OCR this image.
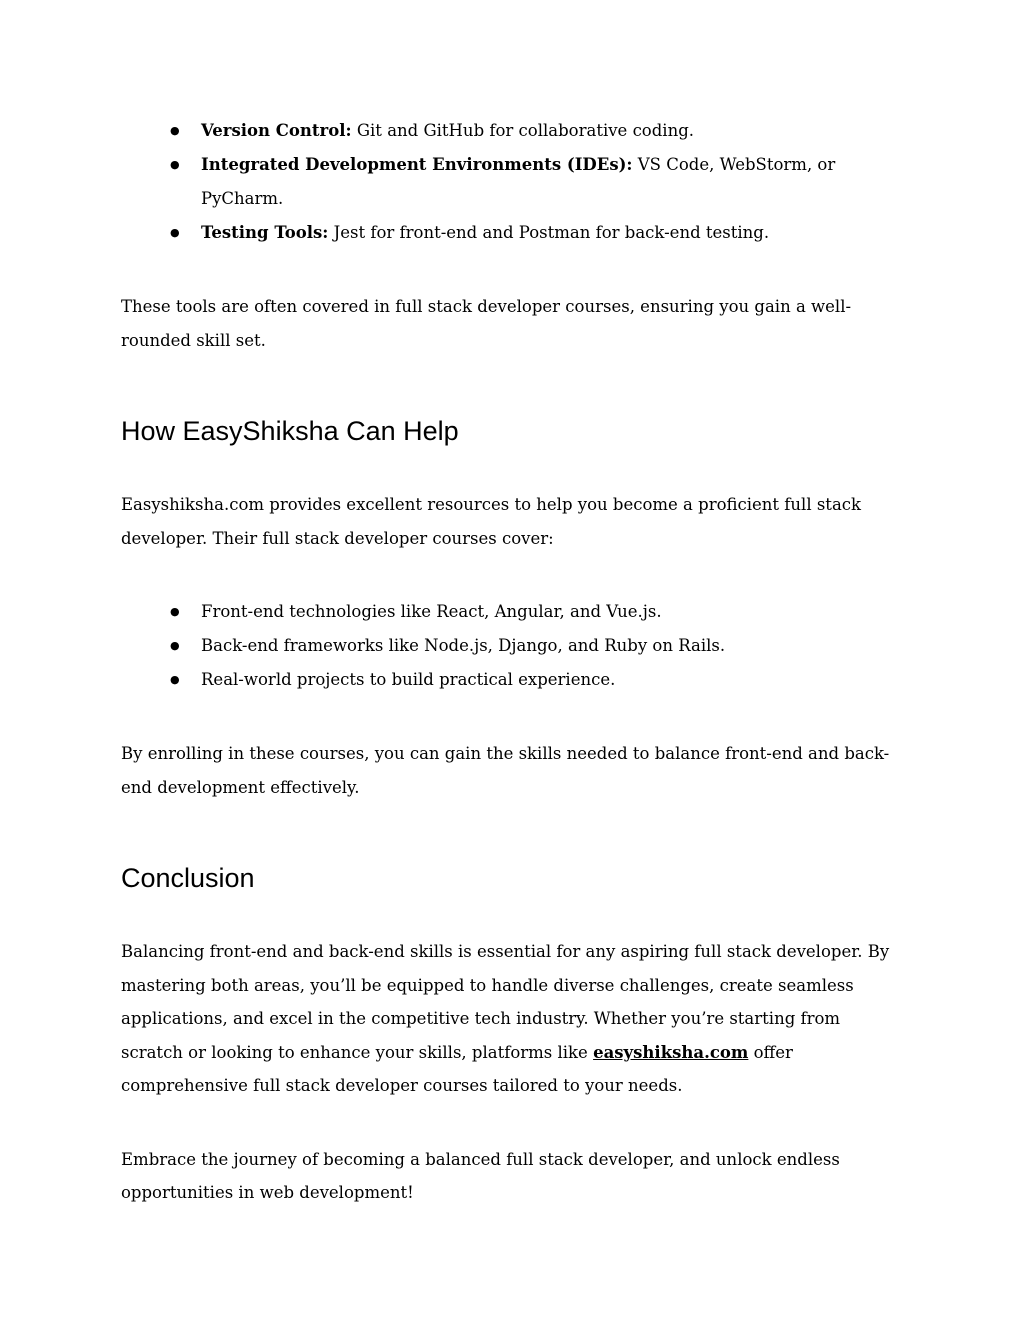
● Version Control: Git and GitHub for collaborative coding.
● Integrated Development Environments (IDEs): VS Code, WebStorm, or PyCharm.
● Testing Tools: Jest for front-end and Postman for back-end testing.

These tools are often covered in full stack developer courses, ensuring you gain a well-rounded skill set.

How EasyShiksha Can Help

Easyshiksha.com provides excellent resources to help you become a proficient full stack developer. Their full stack developer courses cover:

● Front-end technologies like React, Angular, and Vue.js.
● Back-end frameworks like Node.js, Django, and Ruby on Rails.
● Real-world projects to build practical experience.

By enrolling in these courses, you can gain the skills needed to balance front-end and back-end development effectively.

Conclusion

Balancing front-end and back-end skills is essential for any aspiring full stack developer. By mastering both areas, you’ll be equipped to handle diverse challenges, create seamless applications, and excel in the competitive tech industry. Whether you’re starting from scratch or looking to enhance your skills, platforms like easyshiksha.com offer comprehensive full stack developer courses tailored to your needs.

Embrace the journey of becoming a balanced full stack developer, and unlock endless opportunities in web development!
